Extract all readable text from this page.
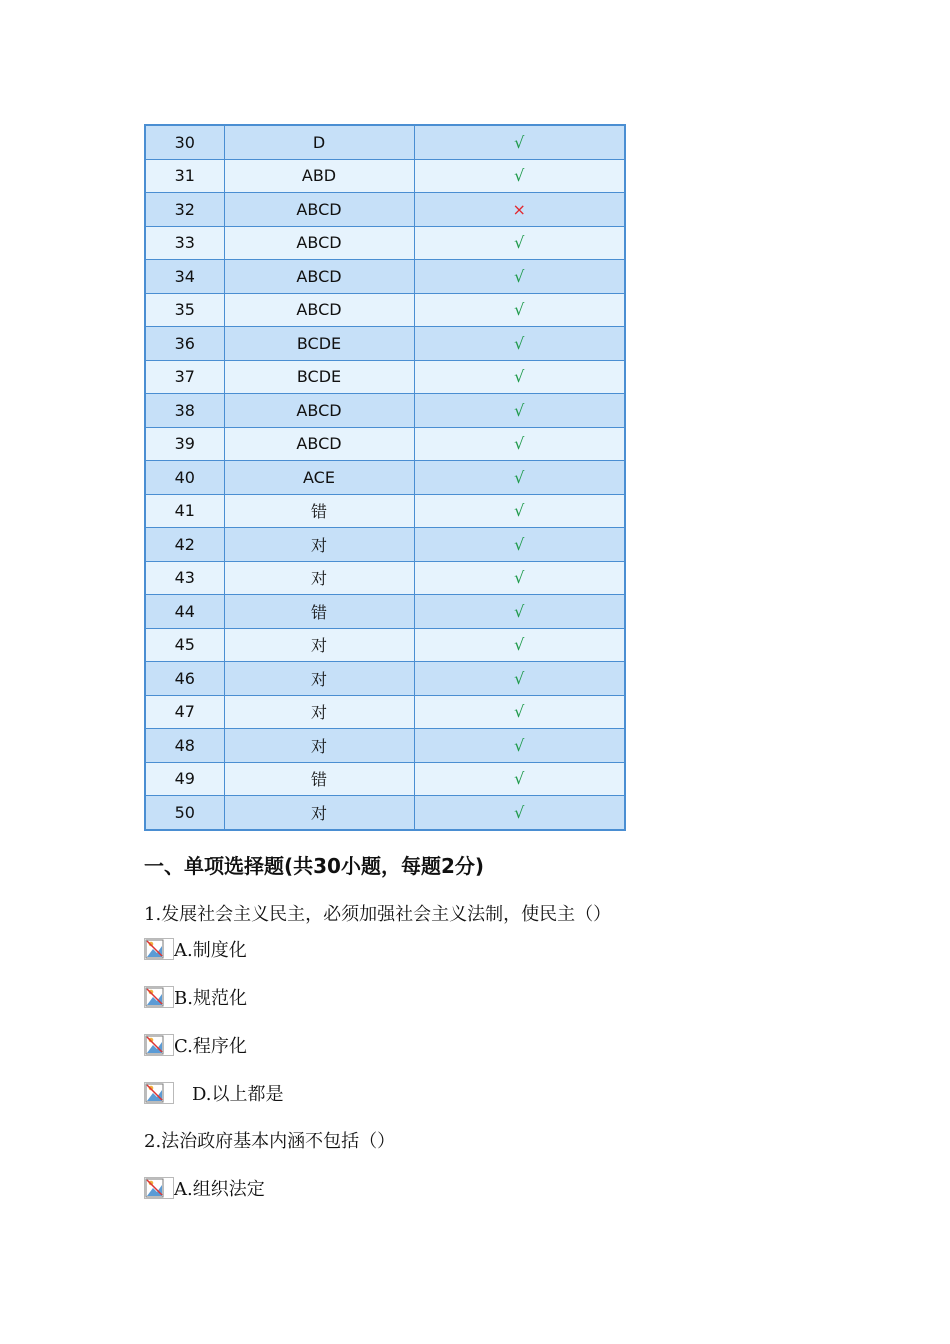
30	D	√
31	ABD	√
32	ABCD	×
33	ABCD	√
34	ABCD	√
35	ABCD	√
36	BCDE	√
37	BCDE	√
38	ABCD	√
39	ABCD	√
40	ACE	√
41	错	√
42	对	√
43	对	√
44	错	√
45	对	√
46	对	√
47	对	√
48	对	√
49	错	√
50	对	√
一、单项选择题(共30小题，每题2分)
1.发展社会主义民主，必须加强社会主义法制，使民主（）
A.制度化
B.规范化
C.程序化
D.以上都是
2.法治政府基本内涵不包括（）
A.组织法定
